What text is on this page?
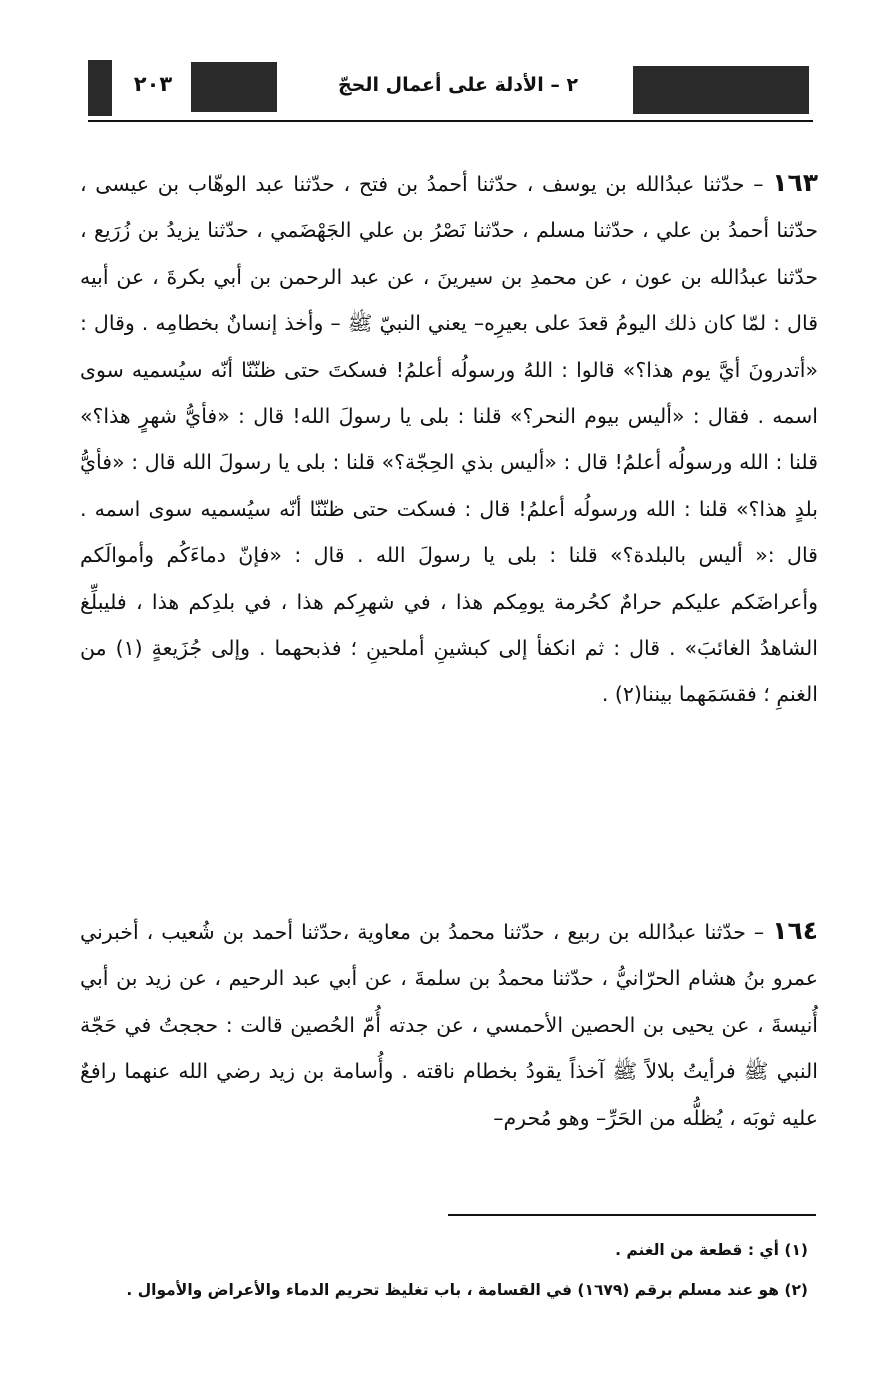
٢ – الأدلة على أعمال الحجّ
٢٠٣

١٦٣ – حدّثنا عبدُالله بن يوسف ، حدّثنا أحمدُ بن فتح ، حدّثنا عبد الوهّاب بن عيسى ، حدّثنا أحمدُ بن علي ، حدّثنا مسلم ، حدّثنا نَصْرُ بن علي الجَهْضَمي ، حدّثنا يزيدُ بن زُرَيع ، حدّثنا عبدُالله بن عون ، عن محمدِ بن سيرينَ ، عن عبد الرحمن بن أبي بكرةَ ، عن أبيه قال : لمّا كان ذلك اليومُ قعدَ على بعيرِه– يعني النبيّ ﷺ – وأخذ إنسانٌ بخطامِه . وقال : «أتدرونَ أيَّ يوم هذا؟» قالوا : اللهُ ورسولُه أعلمُ! فسكتَ حتى ظنّنّا أنّه سيُسميه سوى اسمه . فقال : «أليس بيوم النحر؟» قلنا : بلى يا رسولَ الله! قال : «فأيُّ شهرٍ هذا؟» قلنا : الله ورسولُه أعلمُ! قال : «أليس بذي الحِجّة؟» قلنا : بلى يا رسولَ الله قال : «فأيُّ بلدٍ هذا؟» قلنا : الله ورسولُه أعلمُ! قال : فسكت حتى ظنّنّا أنّه سيُسميه سوى اسمه . قال :« أليس بالبلدة؟» قلنا : بلى يا رسولَ الله . قال : «فإنّ دماءَكُم وأموالَكم وأعراضَكم عليكم حرامٌ كحُرمة يومِكم هذا ، في شهرِكم هذا ، في بلدِكم هذا ، فليبلِّغ الشاهدُ الغائبَ» . قال : ثم انكفأ إلى كبشينِ أملحينِ ؛ فذبحهما . وإلى جُزَيعةٍ (١) من الغنمِ ؛ فقسَمَهما بيننا(٢) .

١٦٤ – حدّثنا عبدُالله بن ربيع ، حدّثنا محمدُ بن معاوية ،حدّثنا أحمد بن شُعيب ، أخبرني عمرو بنُ هشام الحرّانيُّ ، حدّثنا محمدُ بن سلمةَ ، عن أبي عبد الرحيم ، عن زيد بن أبي أُنيسةَ ، عن يحيى بن الحصين الأحمسي ، عن جدته أُمّ الحُصين قالت : حججتُ في حَجّة النبي ﷺ فرأيتُ بلالاً ﷺ آخذاً يقودُ بخطام ناقته . وأُسامة بن زيد رضي الله عنهما رافعٌ عليه ثوبَه ، يُظلُّه من الحَرِّ– وهو مُحرم–

(١) أي : قطعة من الغنم .

(٢) هو عند مسلم برقم (١٦٧٩) في القسامة ، باب تغليظ تحريم الدماء والأعراض والأموال .
